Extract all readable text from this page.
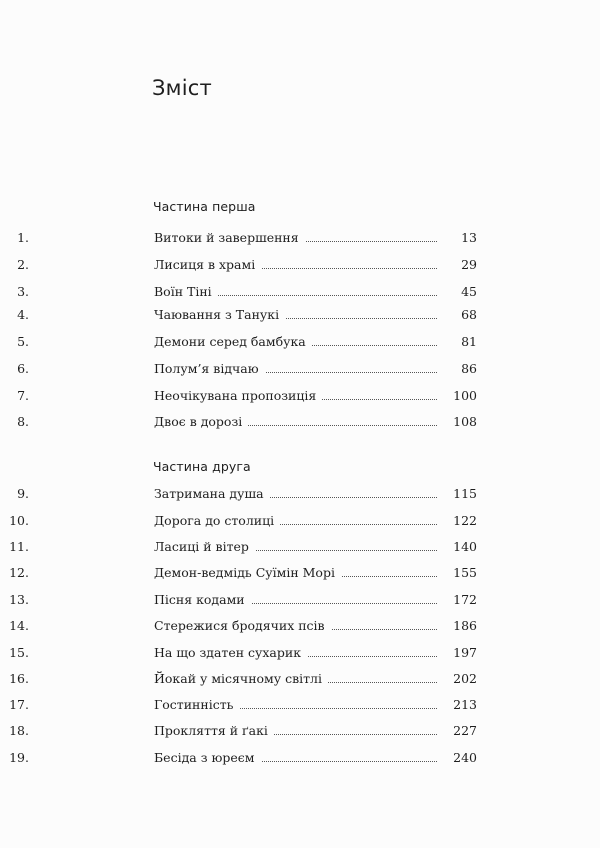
Зміст
Частина перша
1.	Витоки й завершення	13
2.	Лисиця в храмі	29
3.	Воїн Тіні	45
4.	Чаювання з Танукі	68
5.	Демони серед бамбука	81
6.	Полум’я відчаю	86
7.	Неочікувана пропозиція	100
8.	Двоє в дорозі	108
Частина друга
9.	Затримана душа	115
10.	Дорога до столиці	122
11.	Ласиці й вітер	140
12.	Демон-ведмідь Суїмін Морі	155
13.	Пісня кодами	172
14.	Стережися бродячих псів	186
15.	На що здатен сухарик	197
16.	Йокай у місячному світлі	202
17.	Гостинність	213
18.	Прокляття й ґакі	227
19.	Бесіда з юреєм	240
